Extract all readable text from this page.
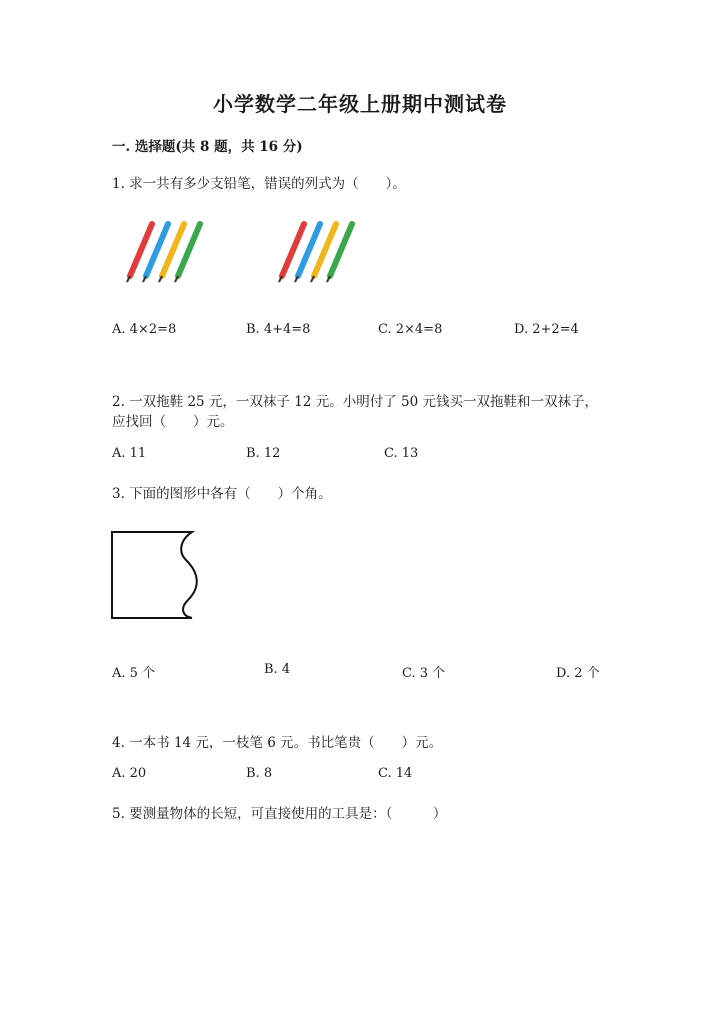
小学数学二年级上册期中测试卷
一. 选择题(共 8 题，共 16 分)
1. 求一共有多少支铅笔，错误的列式为（　　）。
A. 4×2=8	B. 4+4=8	C. 2×4=8	D. 2+2=4
2. 一双拖鞋 25 元，一双袜子 12 元。小明付了 50 元钱买一双拖鞋和一双袜子，
应找回（　　）元。
A. 11	B. 12	C. 13
3. 下面的图形中各有（　　）个角。
A. 5 个	B. 4	C. 3 个	D. 2 个
4. 一本书 14 元，一枝笔 6 元。书比笔贵（　　）元。
A. 20	B. 8	C. 14
5. 要测量物体的长短，可直接使用的工具是：（　　　）
